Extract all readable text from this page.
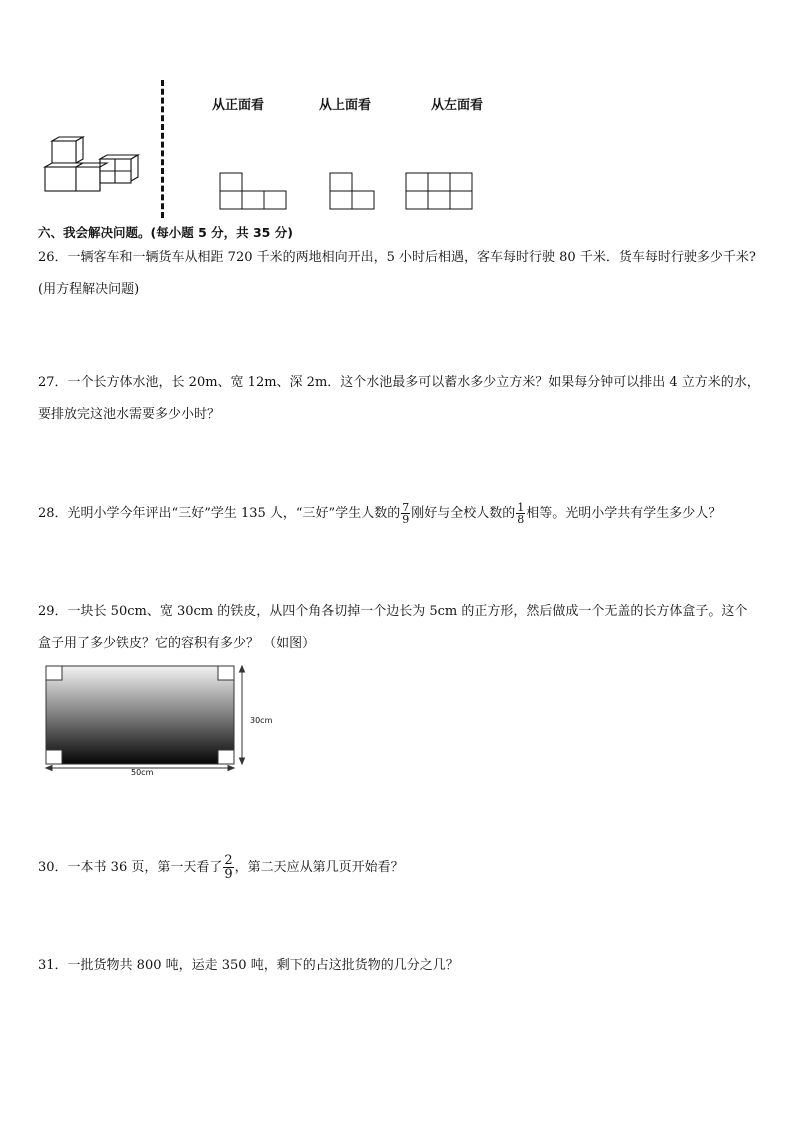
从正面看	从上面看	从左面看
六、我会解决问题。(每小题 5 分，共 35 分)
26．一辆客车和一辆货车从相距 720 千米的两地相向开出，5 小时后相遇，客车每时行驶 80 千米．货车每时行驶多少千米?(用方程解决问题)
27．一个长方体水池，长 20m、宽 12m、深 2m．这个水池最多可以蓄水多少立方米？如果每分钟可以排出 4 立方米的水，要排放完这池水需要多少小时？
28．光明小学今年评出“三好”学生 135 人，“三好”学生人数的 $\frac{7}{9}$ 刚好与全校人数的 $\frac{1}{8}$ 相等。光明小学共有学生多少人？
29．一块长 50cm、宽 30cm 的铁皮，从四个角各切掉一个边长为 5cm 的正方形，然后做成一个无盖的长方体盒子。这个盒子用了多少铁皮？它的容积有多少？ （如图）
50cm
30cm
30．一本书 36 页，第一天看了 $\frac{2}{9}$ ，第二天应从第几页开始看？
31．一批货物共 800 吨，运走 350 吨，剩下的占这批货物的几分之几？
